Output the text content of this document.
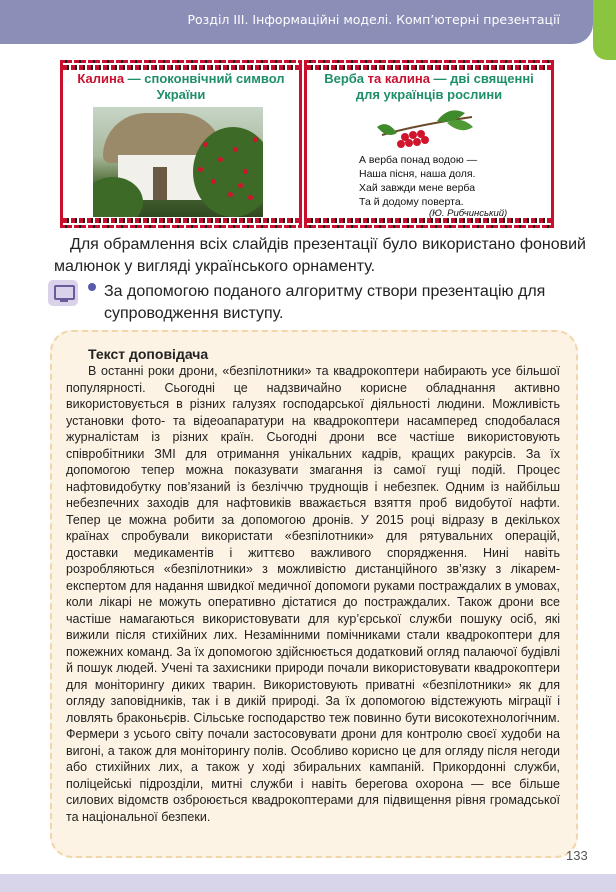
Розділ ІІІ. Інформаційні моделі. Комп’ютерні презентації
Калина — споконвічний символ України
Верба та калина — дві священні для українців рослини
А верба понад водою —
Наша пісня, наша доля.
Хай завжди мене верба
Та й додому поверта.
(Ю. Рибчинський)
Для обрамлення всіх слайдів презентації було використано фоновий малюнок у вигляді українського орнаменту.
За допомогою поданого алгоритму створи презентацію для супроводження виступу.
Текст доповідача
В останні роки дрони, «безпілотники» та квадрокоптери набирають усе більшої популярності. Сьогодні це надзвичайно корисне обладнання активно використовується в різних галузях господарської діяльності людини. Можливість установки фото- та відеоапаратури на квадрокоптери насамперед сподобалася журналістам із різних країн. Сьогодні дрони все частіше використовують співробітники ЗМІ для отримання унікальних кадрів, кращих ракурсів. За їх допомогою тепер можна показувати змагання із самої гущі подій. Процес нафтовидобутку пов’язаний із безліччю труднощів і небезпек. Одним із найбільш небезпечних заходів для нафтовиків вважається взяття проб видобутої нафти. Тепер це можна робити за допомогою дронів. У 2015 році відразу в декількох країнах спробували використати «безпілотники» для рятувальних операцій, доставки медикаментів і життєво важливого спорядження. Нині навіть розробляються «безпілотники» з можливістю дистанційного зв’язку з лікарем-експертом для надання швидкої медичної допомоги руками постраждалих в умовах, коли лікарі не можуть оперативно дістатися до постраждалих. Також дрони все частіше намагаються використовувати для кур’єрської служби пошуку осіб, які вижили після стихійних лих. Незамінними помічниками стали квадрокоптери для пожежних команд. За їх допомогою здійснюється додатковий огляд палаючої будівлі й пошук людей. Учені та захисники природи почали використовувати квадрокоптери для моніторингу диких тварин. Використовують приватні «безпілотники» як для огляду заповідників, так і в дикій природі. За їх допомогою відстежують міграції і ловлять браконьєрів. Сільське господарство теж повинно бути високотехнологічним. Фермери з усього світу почали застосовувати дрони для контролю своєї худоби на вигоні, а також для моніторингу полів. Особливо корисно це для огляду після негоди або стихійних лих, а також у ході збиральних кампаній. Прикордонні служби, поліцейські підрозділи, митні служби і навіть берегова охорона — все більше силових відомств озброюється квадрокоптерами для підвищення рівня громадської та національної безпеки.
133
